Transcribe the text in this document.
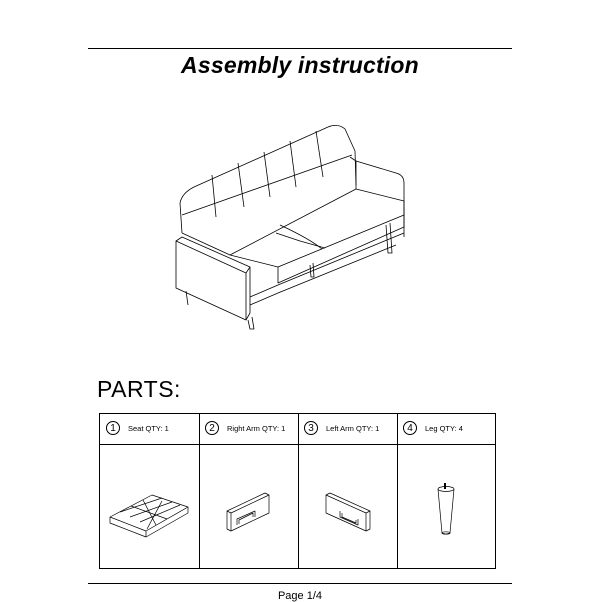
Assembly instruction
PARTS:
1	Seat QTY: 1	2	Right Arm QTY: 1	3	Left Arm QTY: 1	4	Leg QTY: 4
Page 1/4
